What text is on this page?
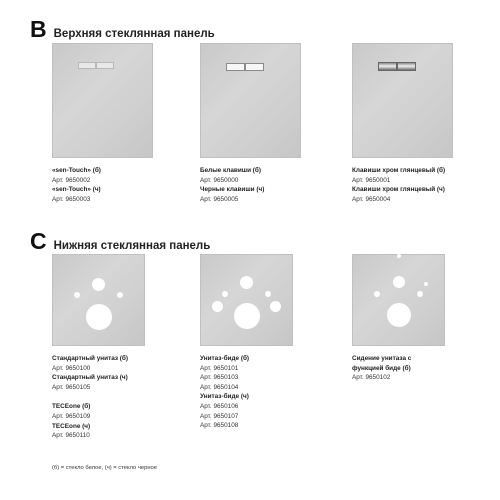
B Верхняя стеклянная панель
«sen-Touch» (б)
Арт. 9650002
«sen-Touch» (ч)
Арт. 9650003
Белые клавиши (б)
Арт. 9650000
Черные клавиши (ч)
Арт. 9650005
Клавиши хром глянцевый (б)
Арт. 9650001
Клавиши хром глянцевый (ч)
Арт. 9650004
C Нижняя стеклянная панель
Стандартный унитаз (б)
Арт. 9650100
Стандартный унитаз (ч)
Арт. 9650105
TECEone (б)
Арт. 9650109
TECEone (ч)
Арт. 9650110
Унитаз-биде (б)
Арт. 9650101
Арт. 9650103
Арт. 9650104
Унитаз-биде (ч)
Арт. 9650106
Арт. 9650107
Арт. 9650108
Сидение унитаза с
функцией биде (б)
Арт. 9650102
(б) = стекло белое, (ч) = стекло черное
